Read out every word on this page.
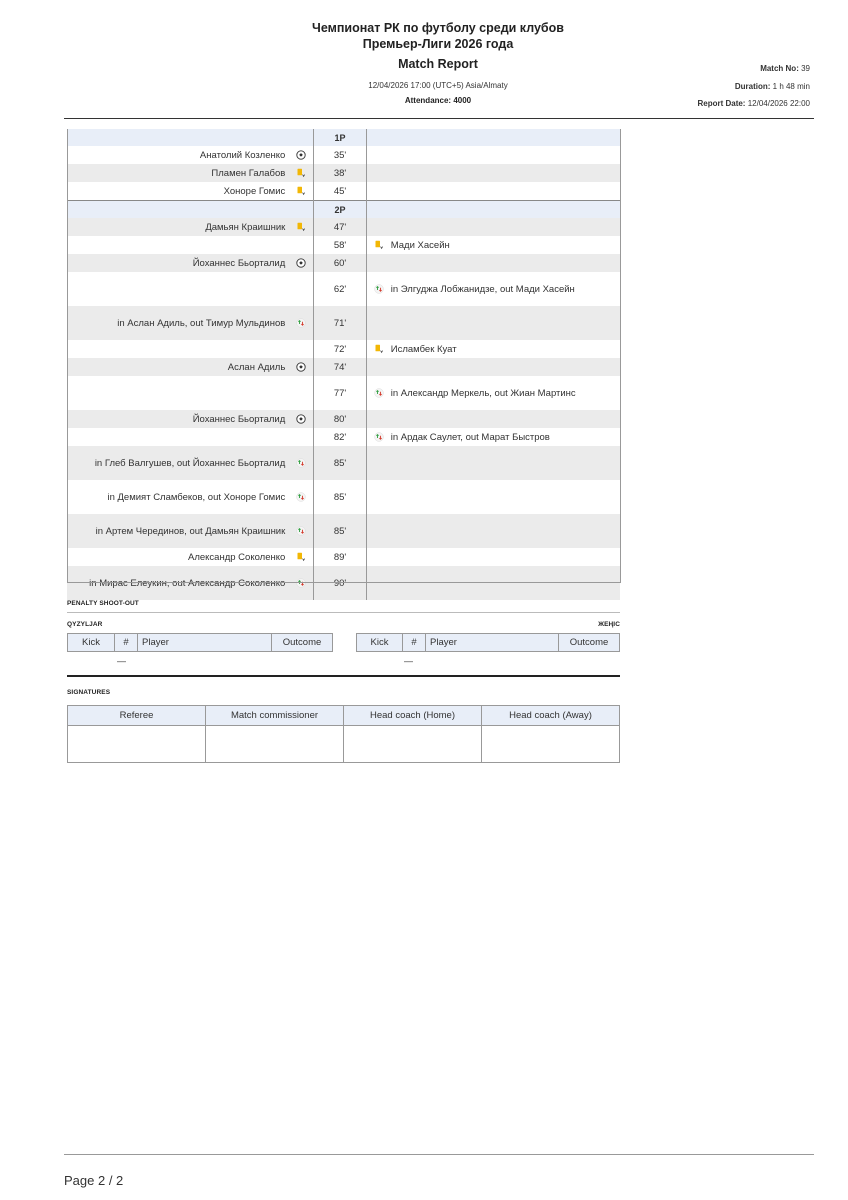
Чемпионат РК по футболу среди клубов
Премьер-Лиги 2026 года
Match Report
12/04/2026 17:00 (UTC+5) Asia/Almaty
Attendance: 4000
Match No: 39
Duration: 1 h 48 min
Report Date: 12/04/2026 22:00
		1P		
Анатолий Козленко		35'		
Пламен Галабов		38'		
Хоноре Гомис		45'		
		2P		
Дамьян Краишник		47'		
		58'		Мади Хасейн
Йоханнес Бьорталид		60'		
		62'		in Элгуджа Лобжанидзе, out Мади Хасейн
in Аслан Адиль, out Тимур Мульдинов		71'		
		72'		Исламбек Куат
Аслан Адиль		74'		
		77'		in Александр Меркель, out Жиан Мартинс
Йоханнес Бьорталид		80'		
		82'		in Ардак Саулет, out Марат Быстров
in Глеб Валгушев, out Йоханнес Бьорталид		85'		
in Демият Сламбеков, out Хоноре Гомис		85'		
in Артем Черединов, out Дамьян Краишник		85'		
Александр Соколенко		89'		
in Мирас Елеукин, out Александр Соколенко		90'		
PENALTY SHOOT-OUT
QYZYLJAR	ЖЕҢІС
Kick	#	Player	Outcome	Kick	#	Player	Outcome
—	—
SIGNATURES
Referee	Match commissioner	Head coach (Home)	Head coach (Away)

Page 2 / 2
